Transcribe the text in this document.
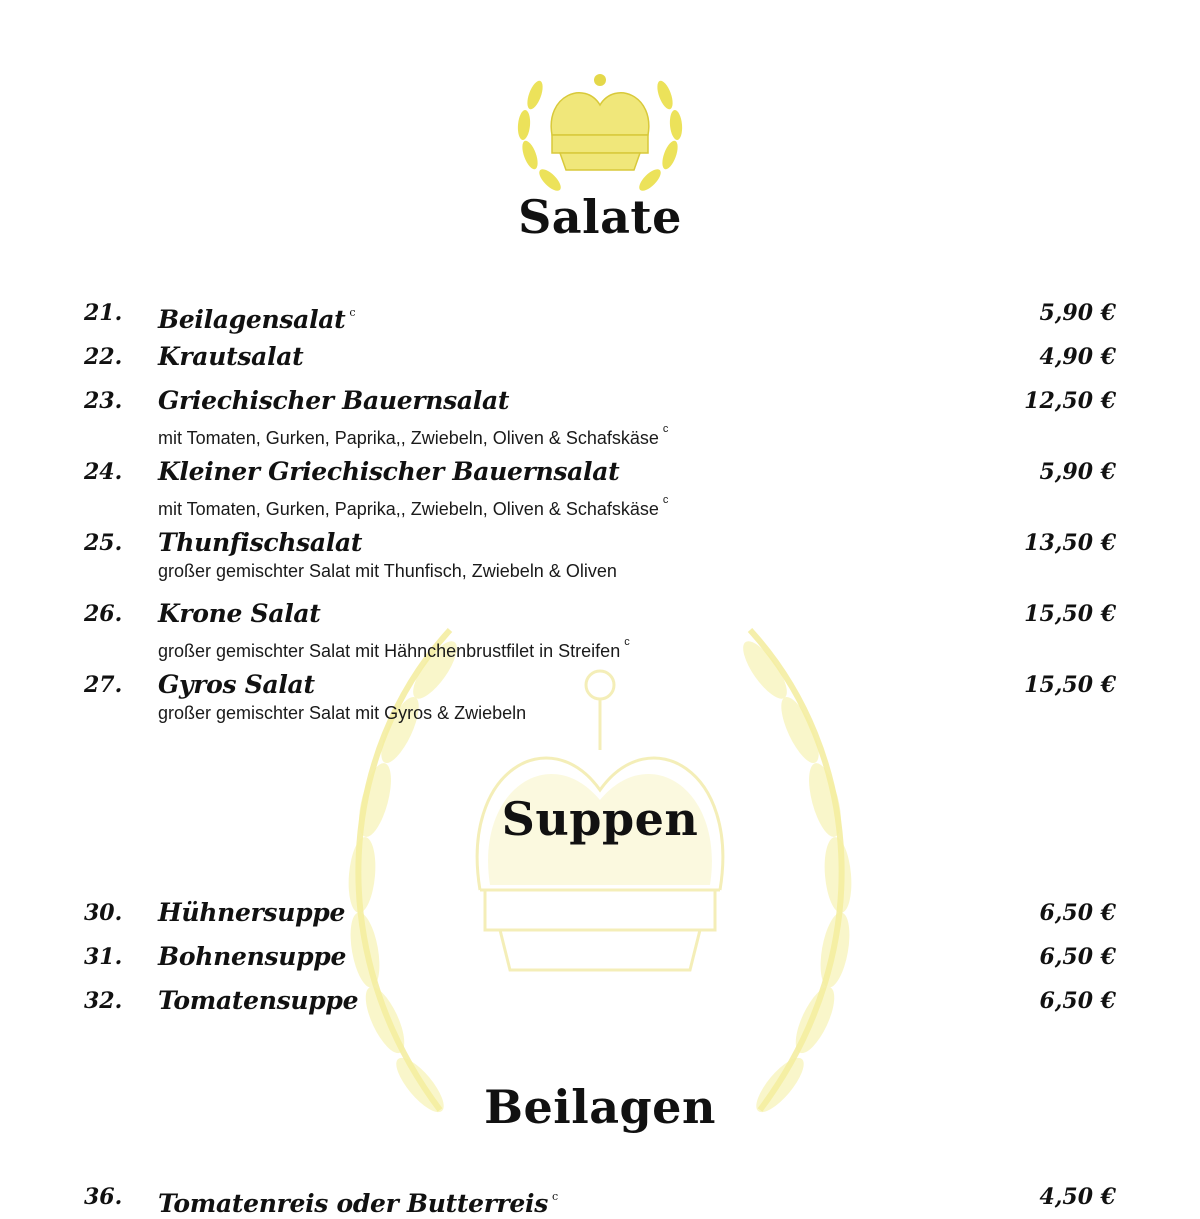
Salate
21. Beilagensalat $^c$	5,90 €
22. Krautsalat	4,90 €
23. Griechischer Bauernsalat	12,50 €
mit Tomaten, Gurken, Paprika,, Zwiebeln, Oliven & Schafskäse $^c$
24. Kleiner Griechischer Bauernsalat	5,90 €
mit Tomaten, Gurken, Paprika,, Zwiebeln, Oliven & Schafskäse $^c$
25. Thunfischsalat	13,50 €
großer gemischter Salat mit Thunfisch, Zwiebeln & Oliven
26. Krone Salat	15,50 €
großer gemischter Salat mit Hähnchenbrustfilet in Streifen $^c$
27. Gyros Salat	15,50 €
großer gemischter Salat mit Gyros & Zwiebeln
Suppen
30. Hühnersuppe	6,50 €
31. Bohnensuppe	6,50 €
32. Tomatensuppe	6,50 €
Beilagen
36. Tomatenreis oder Butterreis $^c$	4,50 €
